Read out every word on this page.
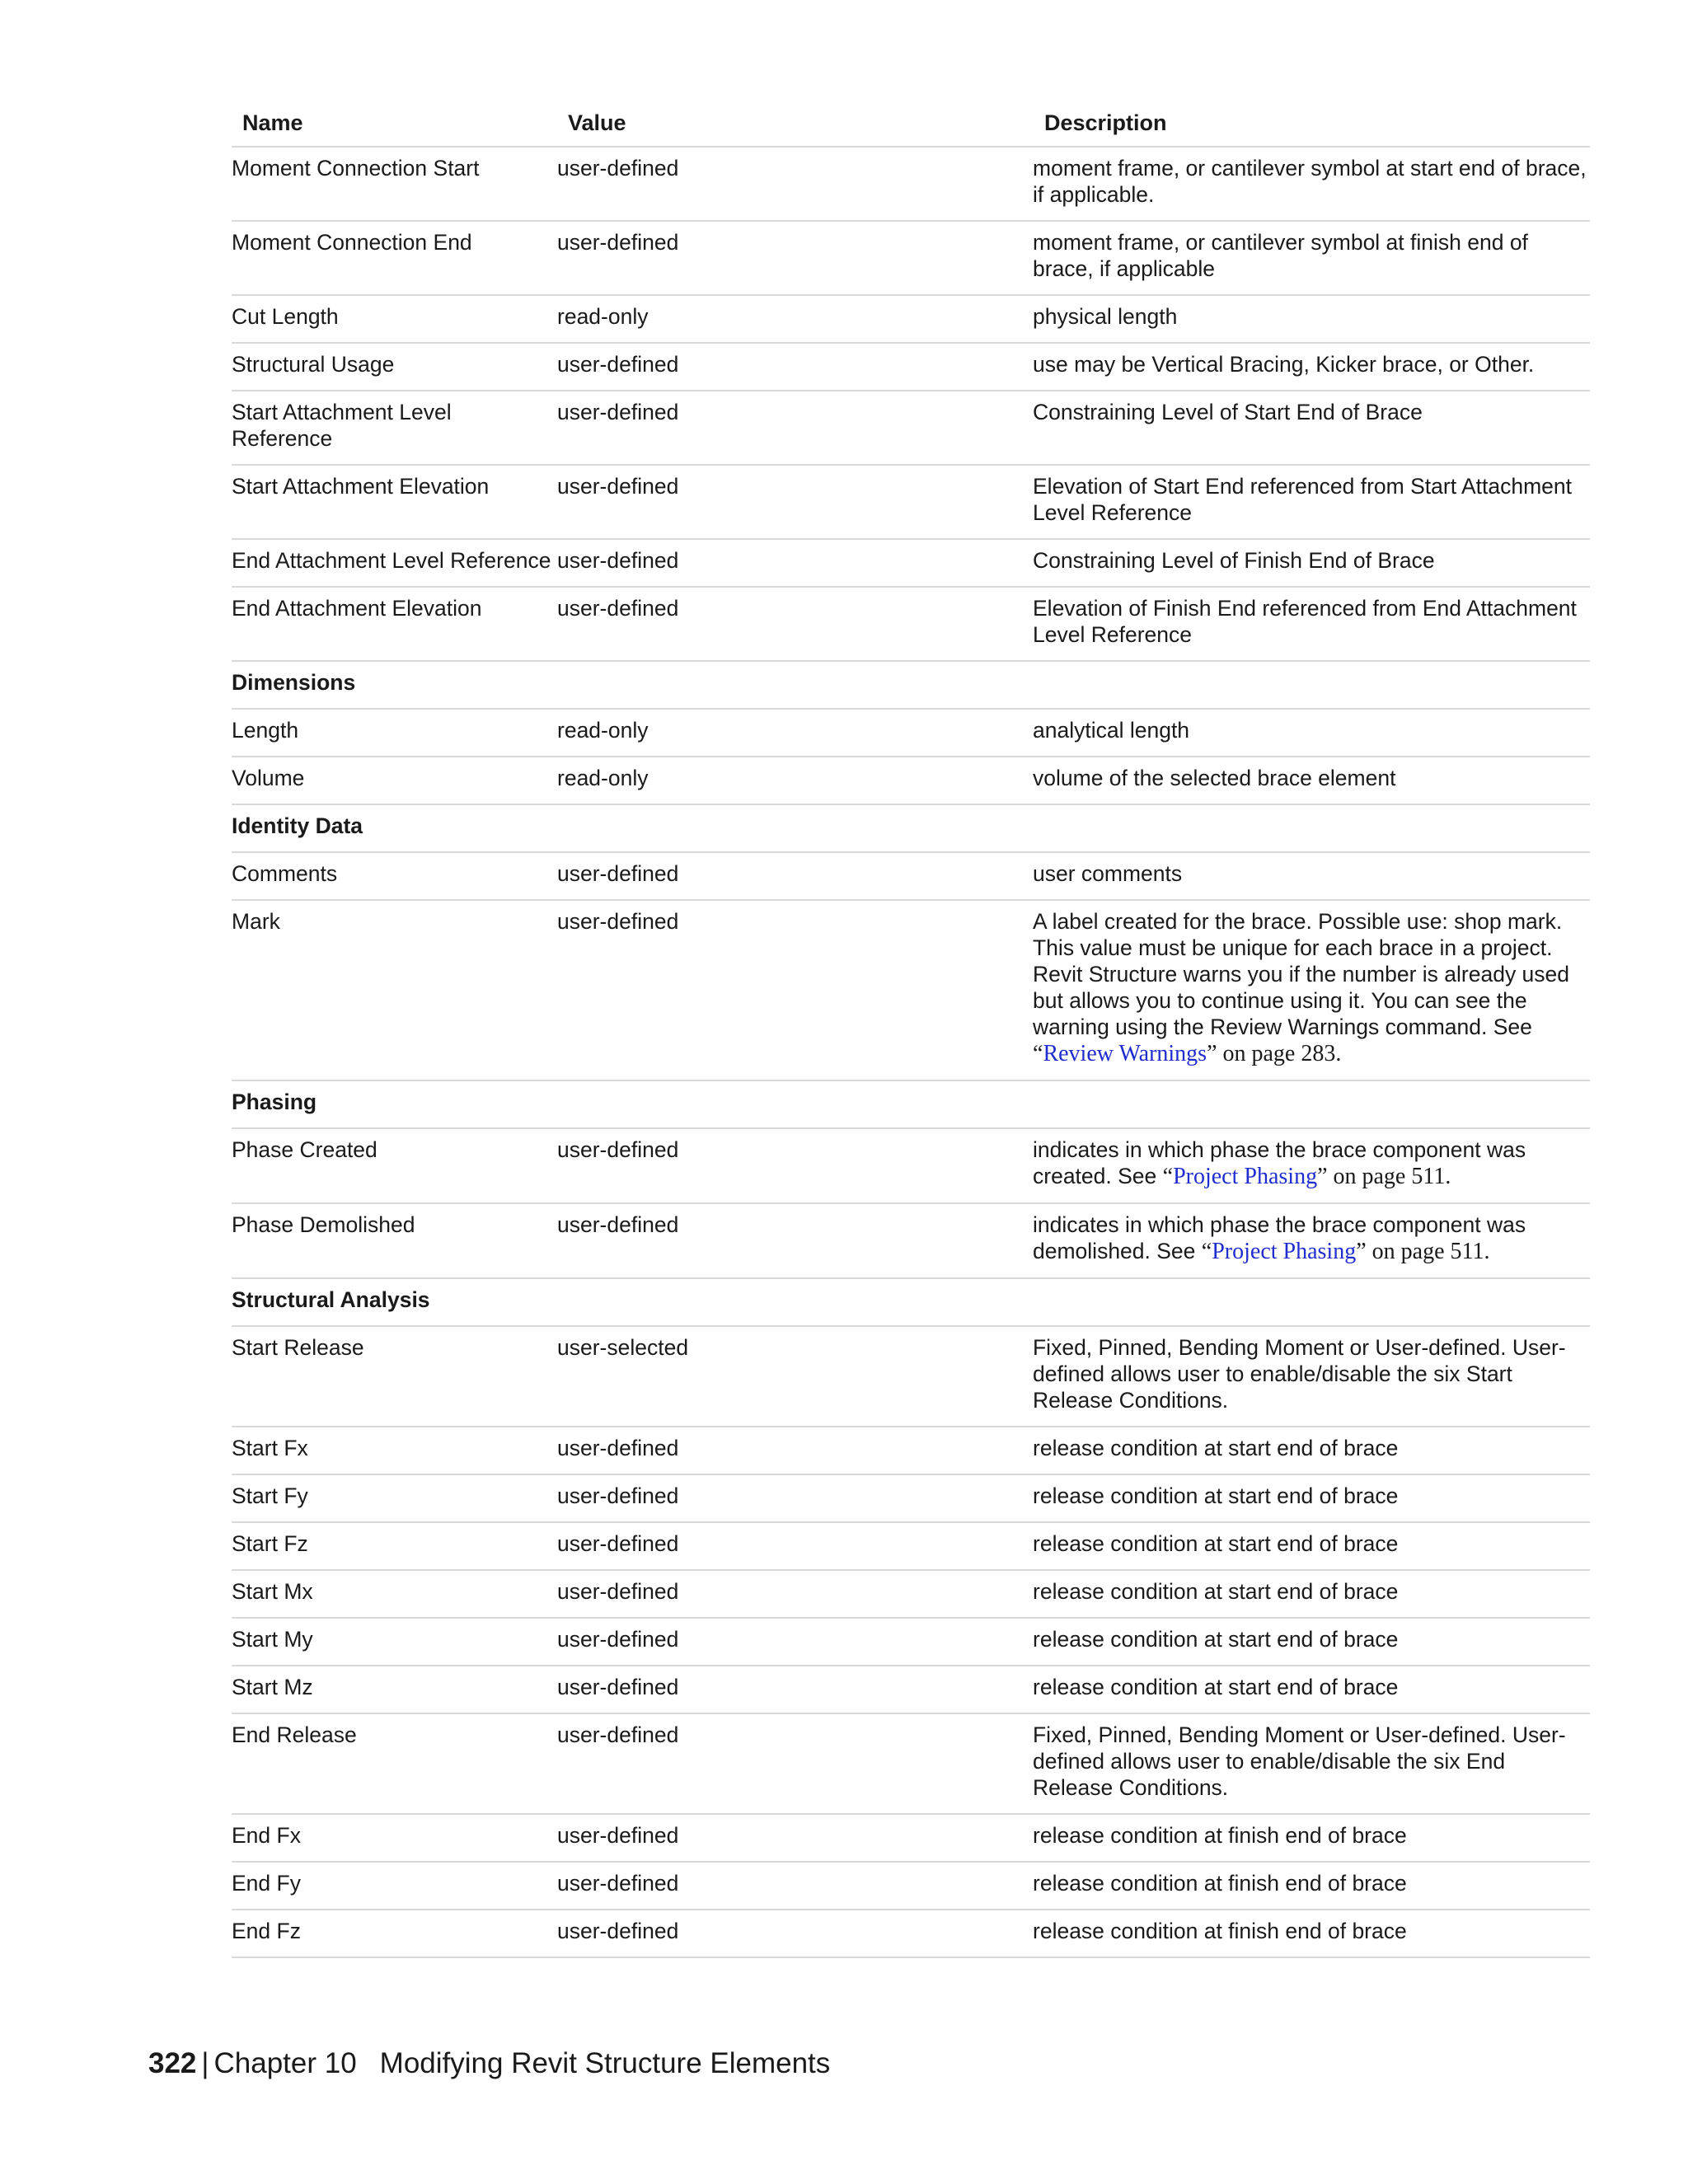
Name	Value	Description
Moment Connection Start	user-defined	moment frame, or cantilever symbol at start end of brace, if applicable.
Moment Connection End	user-defined	moment frame, or cantilever symbol at finish end of brace, if applicable
Cut Length	read-only	physical length
Structural Usage	user-defined	use may be Vertical Bracing, Kicker brace, or Other.
Start Attachment Level Reference	user-defined	Constraining Level of Start End of Brace
Start Attachment Elevation	user-defined	Elevation of Start End referenced from Start Attachment Level Reference
End Attachment Level Reference	user-defined	Constraining Level of Finish End of Brace
End Attachment Elevation	user-defined	Elevation of Finish End referenced from End Attachment Level Reference
Dimensions		
Length	read-only	analytical length
Volume	read-only	volume of the selected brace element
Identity Data		
Comments	user-defined	user comments
Mark	user-defined	A label created for the brace. Possible use: shop mark. This value must be unique for each brace in a project. Revit Structure warns you if the number is already used but allows you to continue using it. You can see the warning using the Review Warnings command. See “Review Warnings” on page 283.
Phasing		
Phase Created	user-defined	indicates in which phase the brace component was created. See “Project Phasing” on page 511.
Phase Demolished	user-defined	indicates in which phase the brace component was demolished. See “Project Phasing” on page 511.
Structural Analysis		
Start Release	user-selected	Fixed, Pinned, Bending Moment or User-defined. User-defined allows user to enable/disable the six Start Release Conditions.
Start Fx	user-defined	release condition at start end of brace
Start Fy	user-defined	release condition at start end of brace
Start Fz	user-defined	release condition at start end of brace
Start Mx	user-defined	release condition at start end of brace
Start My	user-defined	release condition at start end of brace
Start Mz	user-defined	release condition at start end of brace
End Release	user-defined	Fixed, Pinned, Bending Moment or User-defined. User-defined allows user to enable/disable the six End Release Conditions.
End Fx	user-defined	release condition at finish end of brace
End Fy	user-defined	release condition at finish end of brace
End Fz	user-defined	release condition at finish end of brace
322 | Chapter 10 Modifying Revit Structure Elements
